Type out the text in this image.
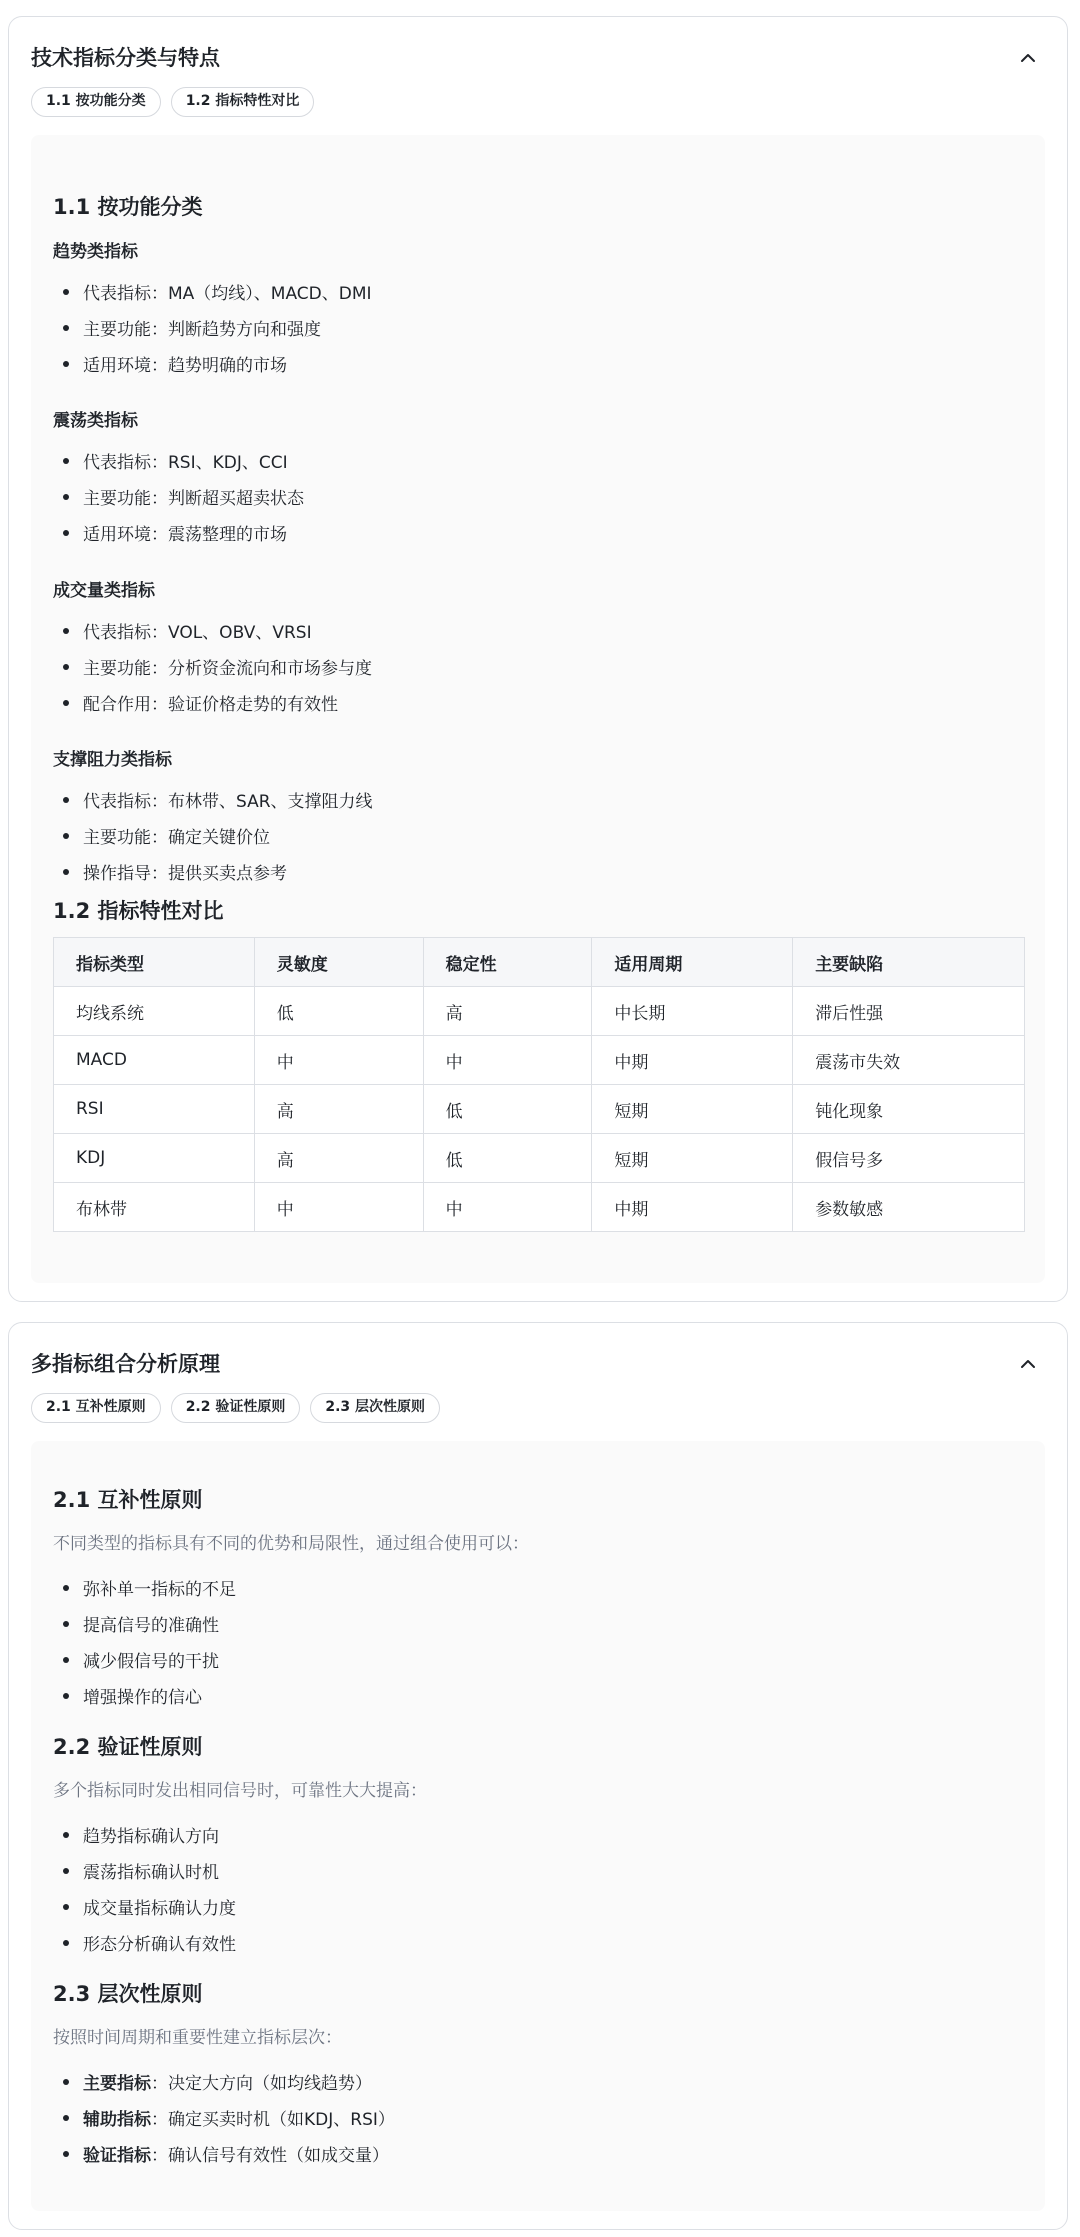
技术指标分类与特点
1.1 按功能分类	1.2 指标特性对比
1.1 按功能分类
趋势类指标
代表指标：MA（均线）、MACD、DMI
主要功能：判断趋势方向和强度
适用环境：趋势明确的市场
震荡类指标
代表指标：RSI、KDJ、CCI
主要功能：判断超买超卖状态
适用环境：震荡整理的市场
成交量类指标
代表指标：VOL、OBV、VRSI
主要功能：分析资金流向和市场参与度
配合作用：验证价格走势的有效性
支撑阻力类指标
代表指标：布林带、SAR、支撑阻力线
主要功能：确定关键价位
操作指导：提供买卖点参考
1.2 指标特性对比
指标类型	灵敏度	稳定性	适用周期	主要缺陷
均线系统	低	高	中长期	滞后性强
MACD	中	中	中期	震荡市失效
RSI	高	低	短期	钝化现象
KDJ	高	低	短期	假信号多
布林带	中	中	中期	参数敏感
多指标组合分析原理
2.1 互补性原则	2.2 验证性原则	2.3 层次性原则
2.1 互补性原则
不同类型的指标具有不同的优势和局限性，通过组合使用可以：
弥补单一指标的不足
提高信号的准确性
减少假信号的干扰
增强操作的信心
2.2 验证性原则
多个指标同时发出相同信号时，可靠性大大提高：
趋势指标确认方向
震荡指标确认时机
成交量指标确认力度
形态分析确认有效性
2.3 层次性原则
按照时间周期和重要性建立指标层次：
主要指标：决定大方向（如均线趋势）
辅助指标：确定买卖时机（如KDJ、RSI）
验证指标：确认信号有效性（如成交量）
